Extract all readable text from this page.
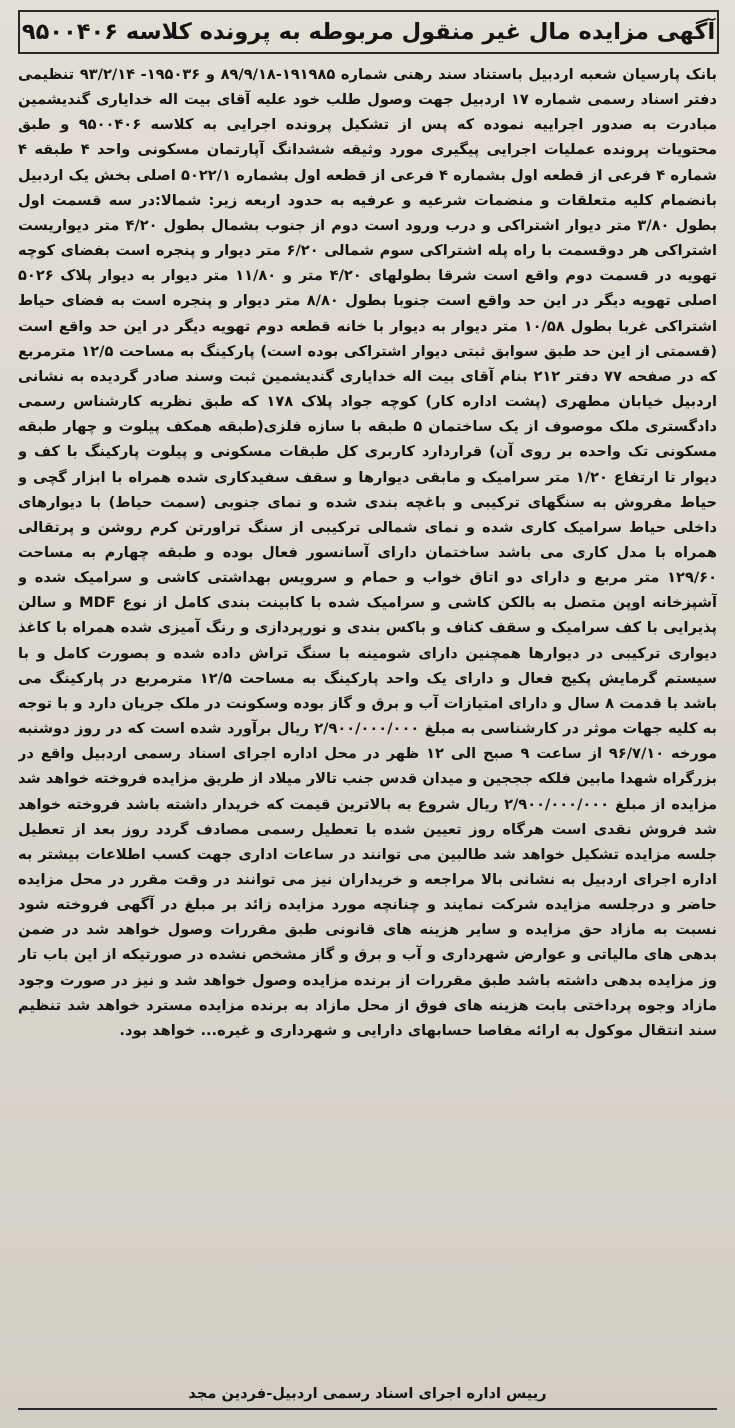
آگهی مزایده مال غیر منقول مربوطه به پرونده کلاسه ۹۵۰۰۴۰۶

بانک پارسیان شعبه اردبیل باستناد سند رهنی شماره ۱۹۱۹۸۵-۸۹/۹/۱۸ و ۱۹۵۰۳۶- ۹۳/۲/۱۴ تنظیمی دفتر اسناد رسمی شماره ۱۷ اردبیل جهت وصول طلب خود علیه آقای بیت اله خدایاری گندیشمین مبادرت به صدور اجراییه نموده که پس از تشکیل پرونده اجرایی به کلاسه ۹۵۰۰۴۰۶ و طبق محتویات پرونده عملیات اجرایی پیگیری مورد وثیقه ششدانگ آپارتمان مسکونی واحد ۴ طبقه ۴ شماره ۴ فرعی از قطعه اول بشماره ۴ فرعی از قطعه اول بشماره ۵۰۲۲/۱ اصلی بخش یک اردبیل بانضمام کلیه متعلقات و منضمات شرعیه و عرفیه به حدود اربعه زیر: شمالا:در سه قسمت اول بطول ۳/۸۰ متر دیوار اشتراکی و درب ورود است دوم از جنوب بشمال بطول ۴/۲۰ متر دیواریست اشتراکی هر دوقسمت با راه پله اشتراکی سوم شمالی ۶/۲۰ متر دیوار و پنجره است بفضای کوچه تهویه در قسمت دوم واقع است شرقا بطولهای ۴/۲۰ متر و ۱۱/۸۰ متر دیوار به دیوار پلاک ۵۰۲۶ اصلی تهویه دیگر در این حد واقع است جنوبا بطول ۸/۸۰ متر دیوار و پنجره است به فضای حیاط اشتراکی غربا بطول ۱۰/۵۸ متر دیوار به دیوار با خانه قطعه دوم تهویه دیگر در این حد واقع است (قسمتی از این حد طبق سوابق ثبتی دیوار اشتراکی بوده است) پارکینگ به مساحت ۱۲/۵ مترمربع که در صفحه ۷۷ دفتر ۲۱۲ بنام آقای بیت اله خدایاری گندیشمین ثبت وسند صادر گردیده به نشانی اردبیل خیابان مطهری (پشت اداره کار) کوچه جواد پلاک ۱۷۸ که طبق نظریه کارشناس رسمی دادگستری ملک موصوف از یک ساختمان ۵ طبقه با سازه فلزی(طبقه همکف پیلوت و چهار طبقه مسکونی تک واحده بر روی آن) قراردارد کاربری کل طبقات مسکونی و پیلوت پارکینگ با کف و دیوار تا ارتفاع ۱/۲۰ متر سرامیک و مابقی دیوارها و سقف سفیدکاری شده همراه با ابزار گچی و حیاط مفروش به سنگهای ترکیبی و باغچه بندی شده و نمای جنوبی (سمت حیاط) با دیوارهای داخلی حیاط سرامیک کاری شده و نمای شمالی ترکیبی از سنگ تراورتن کرم روشن و پرتقالی همراه با مدل کاری می باشد ساختمان دارای آسانسور فعال بوده و طبقه چهارم به مساحت ۱۲۹/۶۰ متر مربع و دارای دو اتاق خواب و حمام و سرویس بهداشتی کاشی و سرامیک شده و آشپزخانه اوپن متصل به بالکن کاشی و سرامیک شده با کابینت بندی کامل از نوع MDF و سالن پذیرایی با کف سرامیک و سقف کناف و باکس بندی و نورپردازی و رنگ آمیزی شده همراه با کاغذ دیواری ترکیبی در دیوارها همچنین دارای شومینه با سنگ تراش داده شده و بصورت کامل و با سیستم گرمایش پکیج فعال و دارای یک واحد پارکینگ به مساحت ۱۲/۵ مترمربع در پارکینگ می باشد با قدمت ۸ سال و دارای امتیازات آب و برق و گاز بوده وسکونت در ملک جریان دارد و با توجه به کلیه جهات موثر در کارشناسی به مبلغ ۲/۹۰۰/۰۰۰/۰۰۰ ریال برآورد شده است که در روز دوشنبه مورخه ۹۶/۷/۱۰ از ساعت ۹ صبح الی ۱۲ ظهر در محل اداره اجرای اسناد رسمی اردبیل واقع در بزرگراه شهدا مابین فلکه جججین و میدان قدس جنب تالار میلاد از طریق مزایده فروخته خواهد شد مزایده از مبلغ ۲/۹۰۰/۰۰۰/۰۰۰ ریال شروع به بالاترین قیمت که خریدار داشته باشد فروخته خواهد شد فروش نقدی است هرگاه روز تعیین شده با تعطیل رسمی مصادف گردد روز بعد از تعطیل جلسه مزایده تشکیل خواهد شد طالبین می توانند در ساعات اداری جهت کسب اطلاعات بیشتر به اداره اجرای اردبیل به نشانی بالا مراجعه و خریداران نیز می توانند در وقت مقرر در محل مزایده حاضر و درجلسه مزایده شرکت نمایند و چنانچه مورد مزایده زائد بر مبلغ در آگهی فروخته شود نسبت به مازاد حق مزایده و سایر هزینه های قانونی طبق مقررات وصول خواهد شد در ضمن بدهی های مالیاتی و عوارض شهرداری و آب و برق و گاز مشخص نشده در صورتیکه از این باب تار وز مزایده بدهی داشته باشد طبق مقررات از برنده مزایده وصول خواهد شد و نیز در صورت وجود مازاد وجوه پرداختی بابت هزینه های فوق از محل مازاد به برنده مزایده مسترد خواهد شد تنظیم سند انتقال موکول به ارائه مفاصا حسابهای دارایی و شهرداری و غیره... خواهد بود.

رییس اداره اجرای اسناد رسمی اردبیل-فردین مجد
